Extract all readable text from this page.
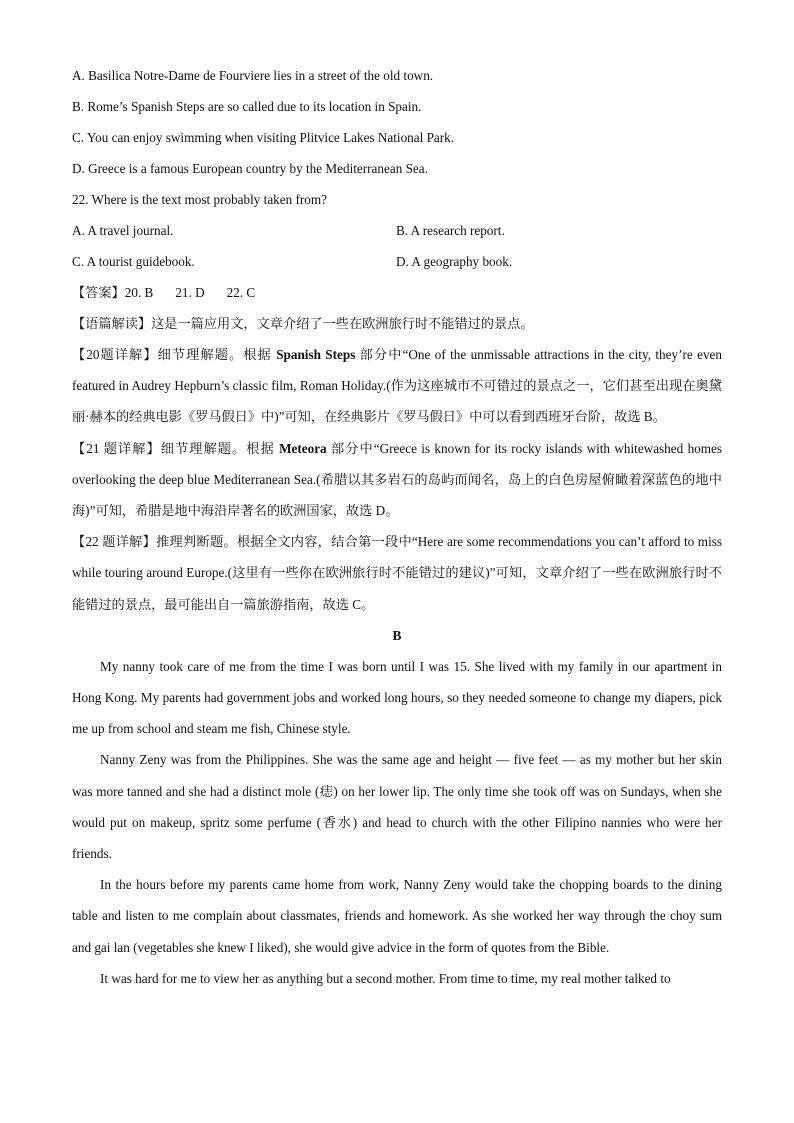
A. Basilica Notre-Dame de Fourviere lies in a street of the old town.
B. Rome’s Spanish Steps are so called due to its location in Spain.
C. You can enjoy swimming when visiting Plitvice Lakes National Park.
D. Greece is a famous European country by the Mediterranean Sea.
22. Where is the text most probably taken from?
A. A travel journal.	B. A research report.
C. A tourist guidebook.	D. A geography book.
【答案】20. B 21. D 22. C
【语篇解读】这是一篇应用文，文章介绍了一些在欧洲旅行时不能错过的景点。

【20题详解】细节理解题。根据 Spanish Steps 部分中“One of the unmissable attractions in the city, they’re even featured in Audrey Hepburn’s classic film, Roman Holiday.(作为这座城市不可错过的景点之一，它们甚至出现在奥黛丽·赫本的经典电影《罗马假日》中)”可知，在经典影片《罗马假日》中可以看到西班牙台阶，故选 B。

【21 题详解】细节理解题。根据 Meteora 部分中“Greece is known for its rocky islands with whitewashed homes overlooking the deep blue Mediterranean Sea.(希腊以其多岩石的岛屿而闻名，岛上的白色房屋俯瞰着深蓝色的地中海)”可知，希腊是地中海沿岸著名的欧洲国家，故选 D。

【22 题详解】推理判断题。根据全文内容，结合第一段中“Here are some recommendations you can’t afford to miss while touring around Europe.(这里有一些你在欧洲旅行时不能错过的建议)”可知，文章介绍了一些在欧洲旅行时不能错过的景点，最可能出自一篇旅游指南，故选 C。

B

My nanny took care of me from the time I was born until I was 15. She lived with my family in our apartment in Hong Kong. My parents had government jobs and worked long hours, so they needed someone to change my diapers, pick me up from school and steam me fish, Chinese style.

Nanny Zeny was from the Philippines. She was the same age and height — five feet — as my mother but her skin was more tanned and she had a distinct mole (痣) on her lower lip. The only time she took off was on Sundays, when she would put on makeup, spritz some perfume (香水) and head to church with the other Filipino nannies who were her friends.

In the hours before my parents came home from work, Nanny Zeny would take the chopping boards to the dining table and listen to me complain about classmates, friends and homework. As she worked her way through the choy sum and gai lan (vegetables she knew I liked), she would give advice in the form of quotes from the Bible.

It was hard for me to view her as anything but a second mother. From time to time, my real mother talked to
